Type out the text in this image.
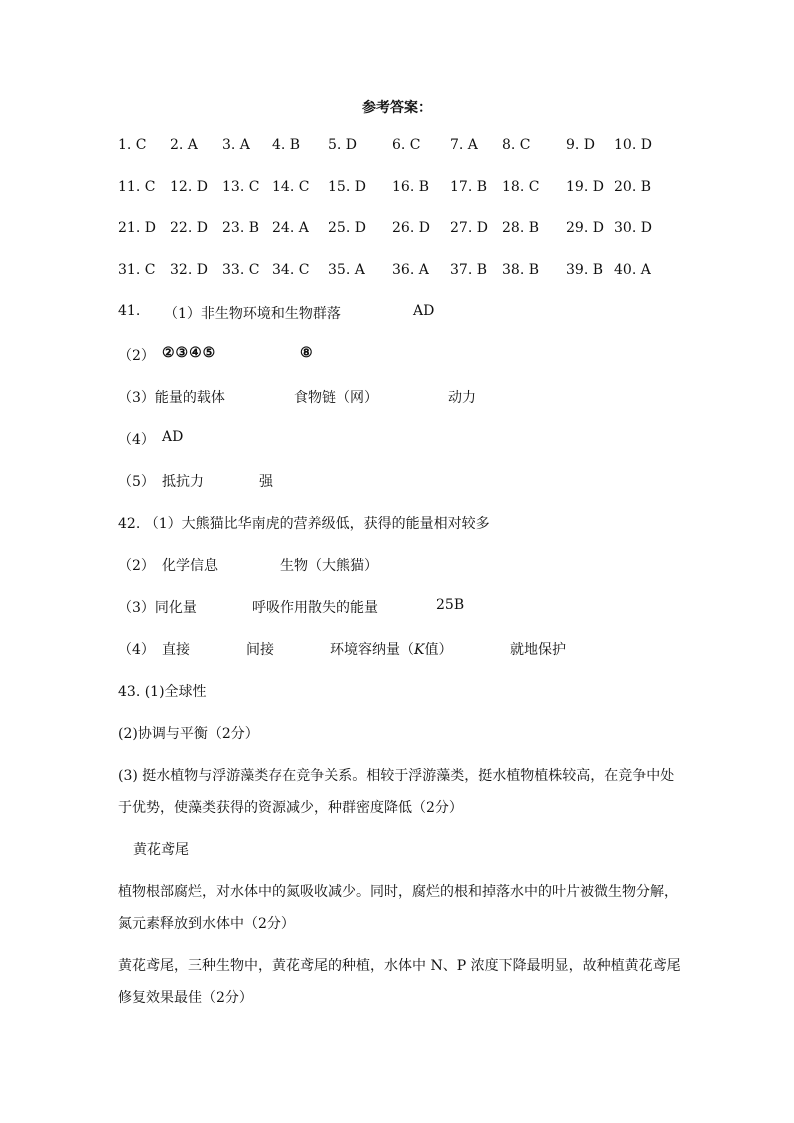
参考答案：
1. C 2. A 3. A 4. B 5. D 6. C 7. A 8. C	9. D 10. D
11. C 12. D 13. C 14. C 15. D 16. B 17. B 18. C 19. D 20. B
21. D 22. D 23. B 24. A 25. D 26. D 27. D 28. B 29. D 30. D
31. C 32. D 33. C 34. C 35. A 36. A 37. B 38. B 39. B 40. A
41. （1）非生物环境和生物群落	AD
（2） ②③④⑤	⑧
（3）能量的载体	食物链（网）	动力
（4） AD
（5） 抵抗力	强
42. （1）大熊猫比华南虎的营养级低，获得的能量相对较多
（2） 化学信息	生物（大熊猫）
（3）同化量	呼吸作用散失的能量	25B
（4） 直接	间接	环境容纳量（K值）	就地保护
43. (1)全球性
(2)协调与平衡（2分）
(3) 挺水植物与浮游藻类存在竞争关系。相较于浮游藻类，挺水植物植株较高，在竞争中处
于优势，使藻类获得的资源减少，种群密度降低（2分）
黄花鸢尾
植物根部腐烂，对水体中的氮吸收减少。同时，腐烂的根和掉落水中的叶片被微生物分解，
氮元素释放到水体中（2分）
黄花鸢尾，三种生物中，黄花鸢尾的种植，水体中 N、P 浓度下降最明显，故种植黄花鸢尾
修复效果最佳（2分）
